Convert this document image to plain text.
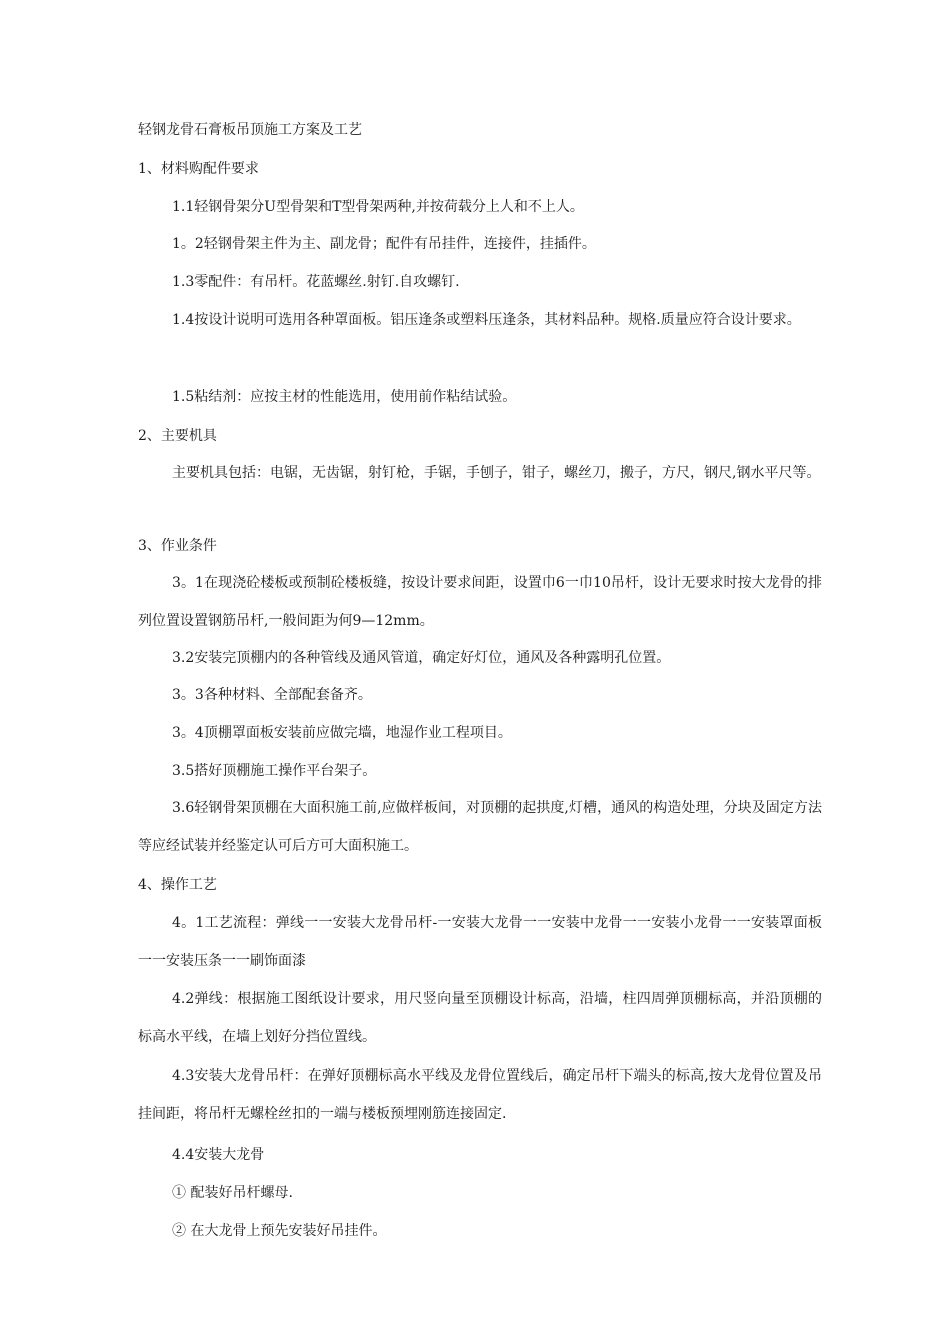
轻钢龙骨石膏板吊顶施工方案及工艺
1、材料购配件要求
1.1轻钢骨架分U型骨架和T型骨架两种,并按荷载分上人和不上人。
1。2轻钢骨架主件为主、副龙骨；配件有吊挂件，连接件，挂插件。
1.3零配件：有吊杆。花蓝螺丝.射钉.自攻螺钉.
1.4按设计说明可选用各种罩面板。铝压逢条或塑料压逢条，其材料品种。规格.质量应符合设计要求。
1.5粘结剂：应按主材的性能选用，使用前作粘结试验。
2、主要机具
主要机具包括：电锯，无齿锯，射钉枪，手锯，手刨子，钳子，螺丝刀，搬子，方尺，钢尺,钢水平尺等。
3、作业条件
3。1在现浇砼楼板或预制砼楼板缝，按设计要求间距，设置巾6一巾10吊杆，设计无要求时按大龙骨的排列位置设置钢筋吊杆,一般间距为何9—12mm。
3.2安装完顶棚内的各种管线及通风管道，确定好灯位，通风及各种露明孔位置。
3。3各种材料、全部配套备齐。
3。4顶棚罩面板安装前应做完墙，地湿作业工程项目。
3.5搭好顶棚施工操作平台架子。
3.6轻钢骨架顶棚在大面积施工前,应做样板间，对顶棚的起拱度,灯槽，通风的构造处理，分块及固定方法等应经试装并经鉴定认可后方可大面积施工。
4、操作工艺
4。1工艺流程：弹线一一安装大龙骨吊杆-一安装大龙骨一一安装中龙骨一一安装小龙骨一一安装罩面板一一安装压条一一刷饰面漆
4.2弹线：根据施工图纸设计要求，用尺竖向量至顶棚设计标高，沿墙，柱四周弹顶棚标高，并沿顶棚的标高水平线，在墙上划好分挡位置线。
4.3安装大龙骨吊杆：在弹好顶棚标高水平线及龙骨位置线后，确定吊杆下端头的标高,按大龙骨位置及吊挂间距，将吊杆无螺栓丝扣的一端与楼板预埋刚筋连接固定.
4.4安装大龙骨
① 配装好吊杆螺母.
② 在大龙骨上预先安装好吊挂件。
